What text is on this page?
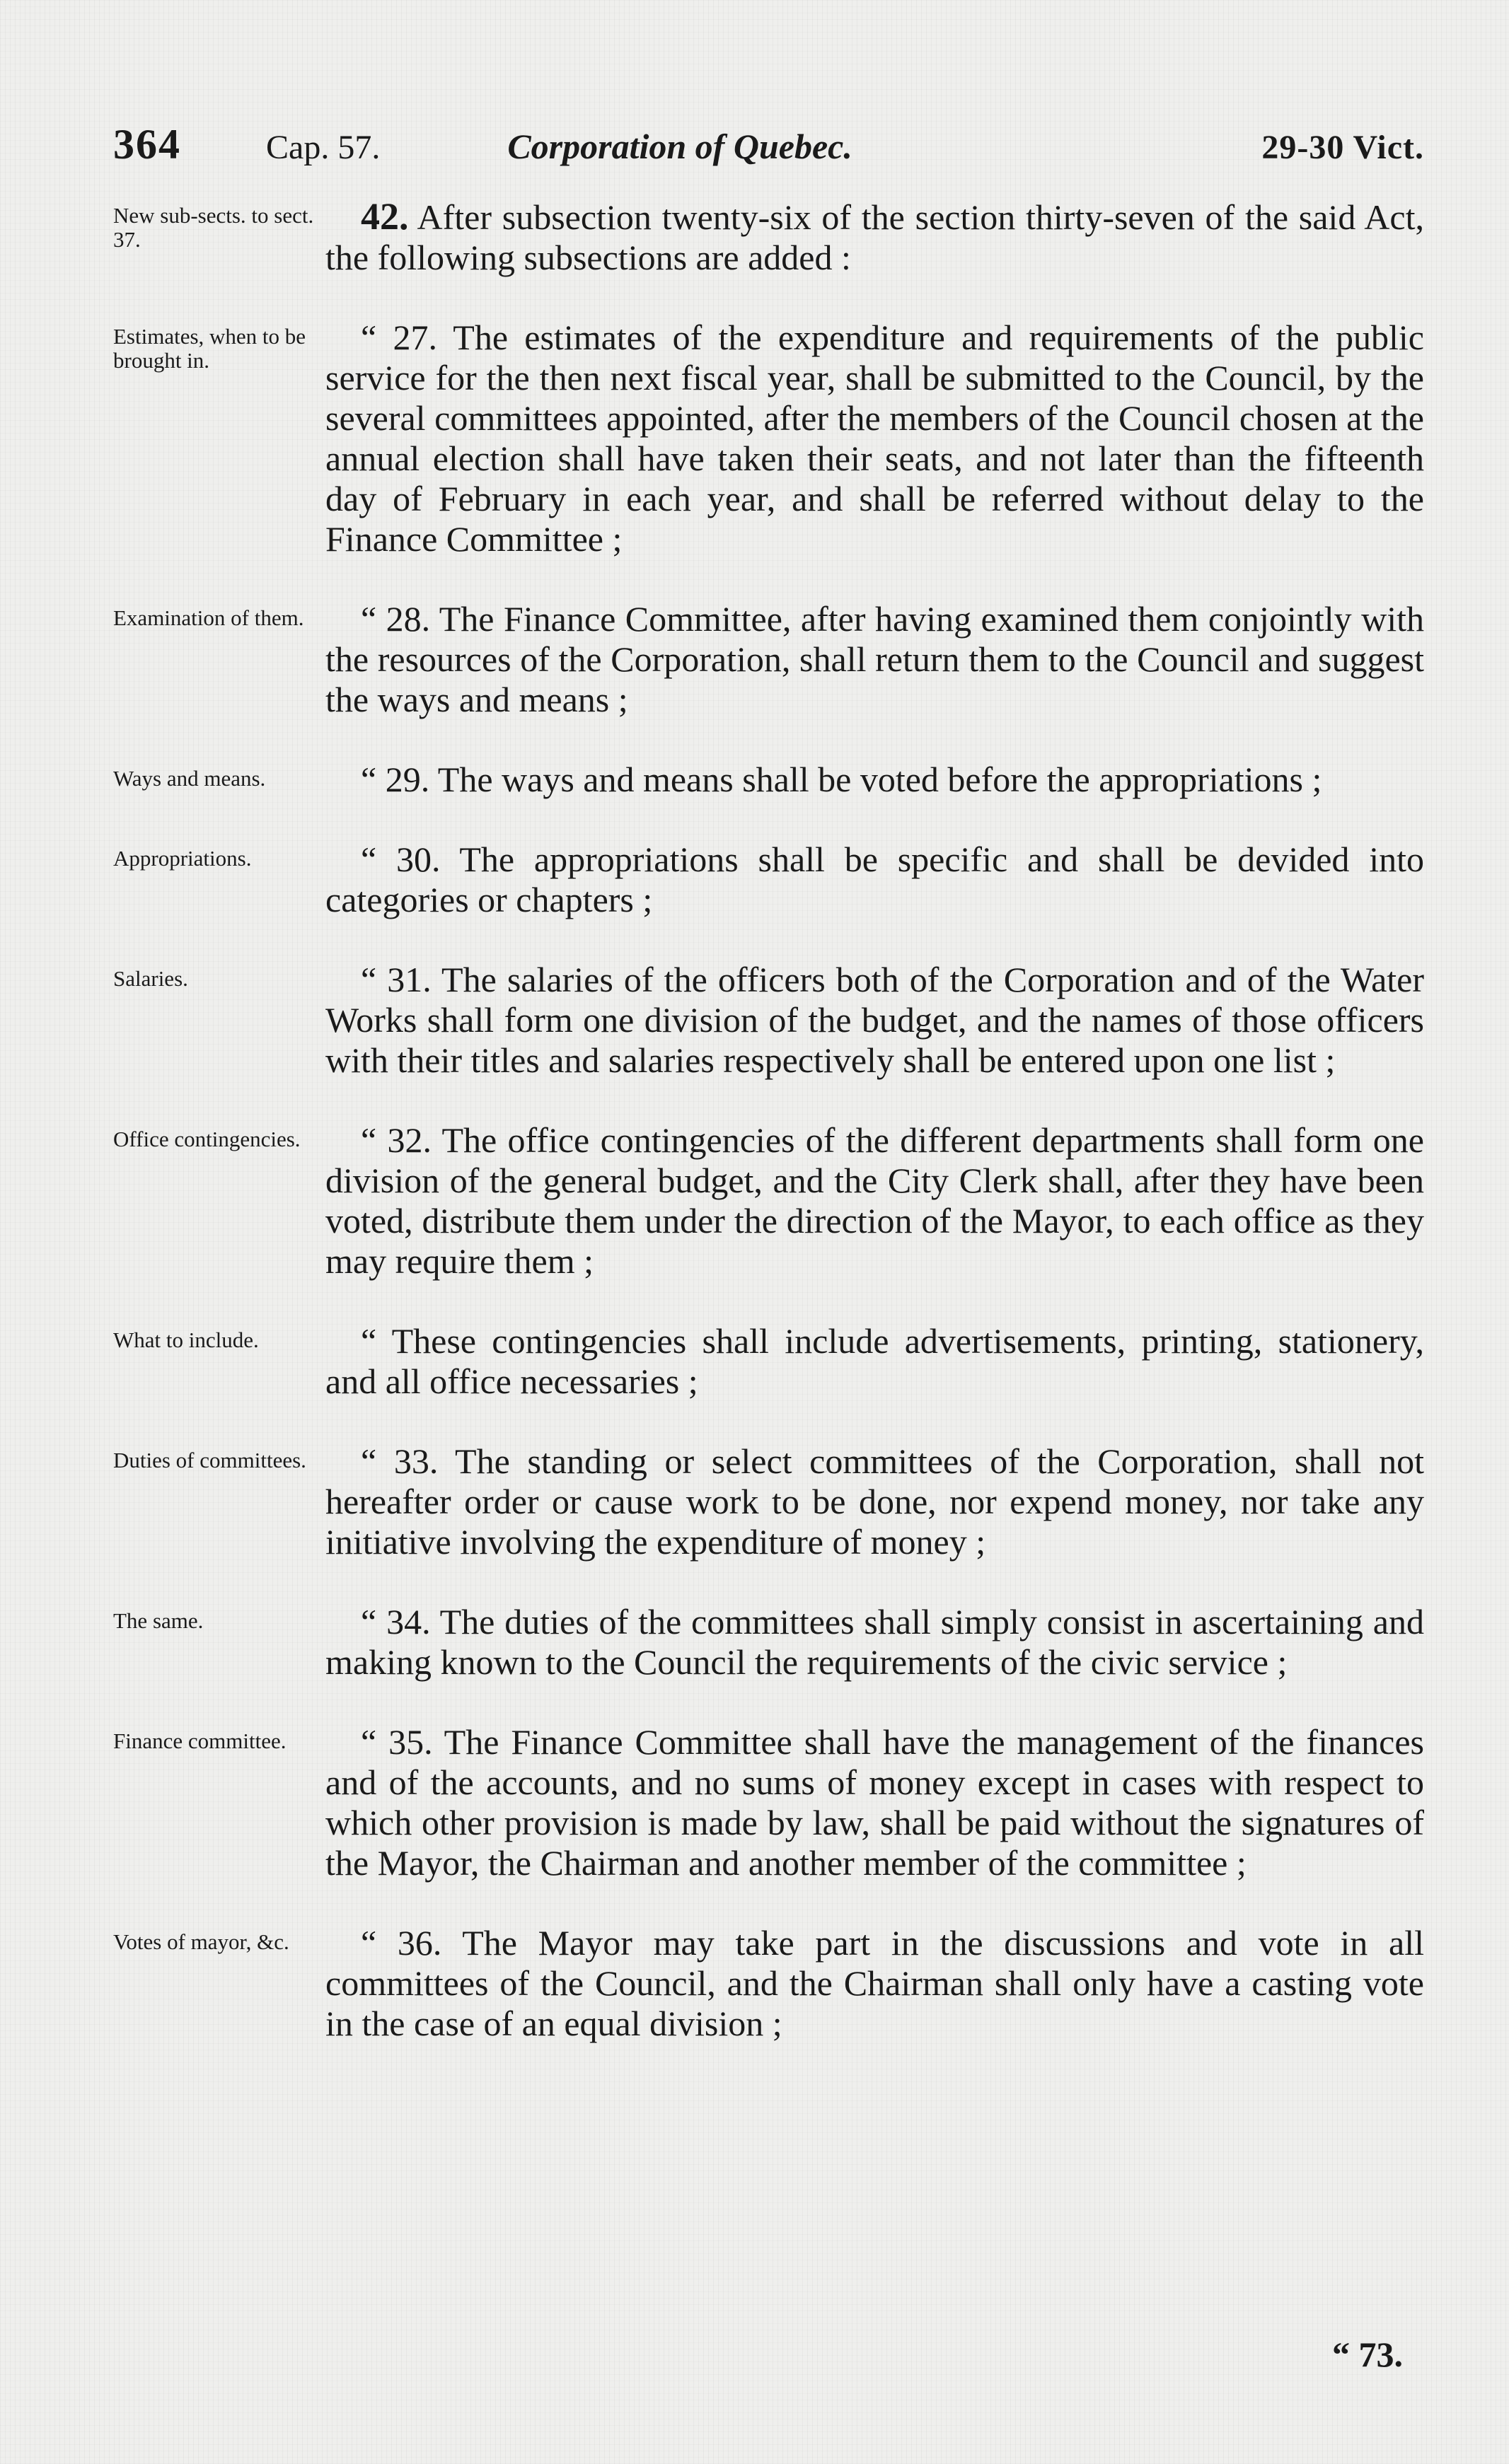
364	Cap. 57.	Corporation of Quebec.	29-30 Vict.
New sub-sects. to sect. 37.
42. After subsection twenty-six of the section thirty-seven of the said Act, the following subsections are added :
Estimates, when to be brought in.
“ 27. The estimates of the expenditure and requirements of the public service for the then next fiscal year, shall be submitted to the Council, by the several committees appointed, after the members of the Council chosen at the annual election shall have taken their seats, and not later than the fifteenth day of February in each year, and shall be referred without delay to the Finance Committee ;
Examination of them.	“ 28. The Finance Committee, after having examined them conjointly with the resources of the Corporation, shall return them to the Council and suggest the ways and means ;
Ways and means.	“ 29. The ways and means shall be voted before the appropriations ;
Appropriations.	“ 30. The appropriations shall be specific and shall be devided into categories or chapters ;
Salaries.	“ 31. The salaries of the officers both of the Corporation and of the Water Works shall form one division of the budget, and the names of those officers with their titles and salaries respectively shall be entered upon one list ;
Office contingencies.	“ 32. The office contingencies of the different departments shall form one division of the general budget, and the City Clerk shall, after they have been voted, distribute them under the direction of the Mayor, to each office as they may require them ;
What to include.	“ These contingencies shall include advertisements, printing, stationery, and all office necessaries ;
Duties of committees.	“ 33. The standing or select committees of the Corporation, shall not hereafter order or cause work to be done, nor expend money, nor take any initiative involving the expenditure of money ;
The same.	“ 34. The duties of the committees shall simply consist in ascertaining and making known to the Council the requirements of the civic service ;
Finance committee.	“ 35. The Finance Committee shall have the management of the finances and of the accounts, and no sums of money except in cases with respect to which other provision is made by law, shall be paid without the signatures of the Mayor, the Chairman and another member of the committee ;
Votes of mayor, &c.	“ 36. The Mayor may take part in the discussions and vote in all committees of the Council, and the Chairman shall only have a casting vote in the case of an equal division ;
“ 73.
